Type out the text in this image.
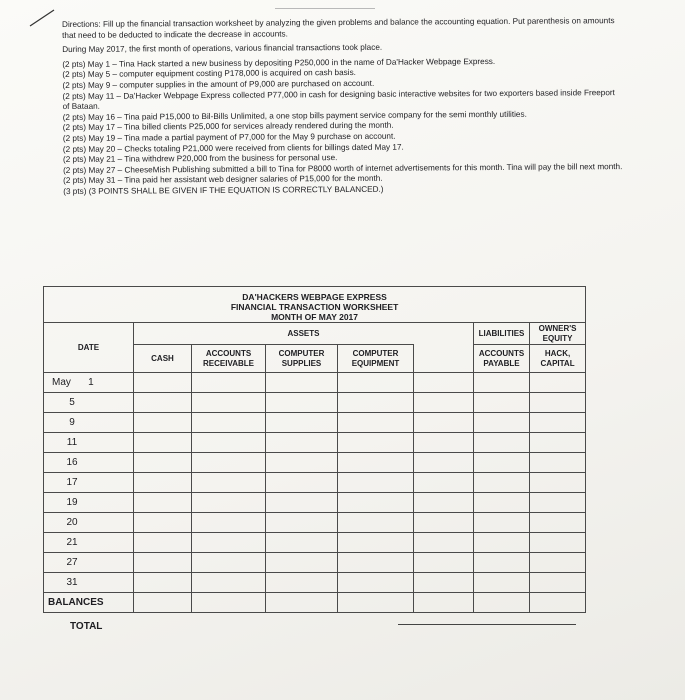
Directions: Fill up the financial transaction worksheet by analyzing the given problems and balance the accounting equation. Put parenthesis on amounts that need to be deducted to indicate the decrease in accounts.

During May 2017, the first month of operations, various financial transactions took place.

(2 pts) May 1 – Tina Hack started a new business by depositing P250,000 in the name of Da'Hacker Webpage Express.

(2 pts) May 5 – computer equipment costing P178,000 is acquired on cash basis.

(2 pts) May 9 – computer supplies in the amount of P9,000 are purchased on account.

(2 pts) May 11 – Da'Hacker Webpage Express collected P77,000 in cash for designing basic interactive websites for two exporters based inside Freeport of Bataan.

(2 pts) May 16 – Tina paid P15,000 to Bil-Bills Unlimited, a one stop bills payment service company for the semi monthly utilities.

(2 pts) May 17 – Tina billed clients P25,000 for services already rendered during the month.

(2 pts) May 19 – Tina made a partial payment of P7,000 for the May 9 purchase on account.

(2 pts) May 20 – Checks totaling P21,000 were received from clients for billings dated May 17.

(2 pts) May 21 – Tina withdrew P20,000 from the business for personal use.

(2 pts) May 27 – CheeseMish Publishing submitted a bill to Tina for P8000 worth of internet advertisements for this month. Tina will pay the bill next month.

(2 pts) May 31 – Tina paid her assistant web designer salaries of P15,000 for the month.

(3 pts) (3 POINTS SHALL BE GIVEN IF THE EQUATION IS CORRECTLY BALANCED.)

DA'HACKERS WEBPAGE EXPRESS
FINANCIAL TRANSACTION WORKSHEET
MONTH OF MAY 2017							

DATE	ASSETS					LIABILITIES	OWNER'S EQUITY
	CASH	ACCOUNTS RECEIVABLE	COMPUTER SUPPLIES	COMPUTER EQUIPMENT		ACCOUNTS PAYABLE	HACK, CAPITAL
May 1							
5							
9							
11							
16							
17							
19							
20							
21							
27							
31							
BALANCES							
TOTAL
